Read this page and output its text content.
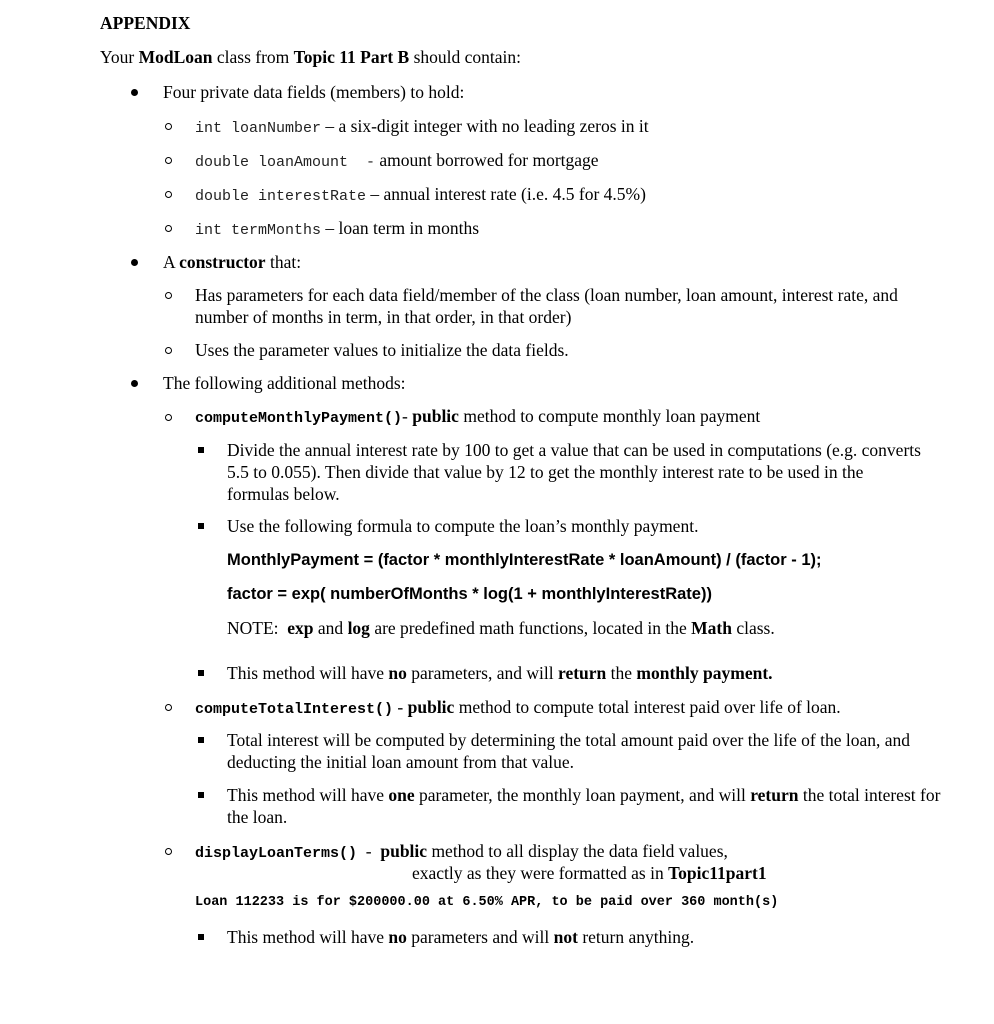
APPENDIX
Your ModLoan class from Topic 11 Part B should contain:
Four private data fields (members) to hold:
int loanNumber – a six-digit integer with no leading zeros in it
double loanAmount  - amount borrowed for mortgage
double interestRate – annual interest rate (i.e. 4.5 for 4.5%)
int termMonths – loan term in months
A constructor that:
Has parameters for each data field/member of the class (loan number, loan amount, interest rate, and number of months in term, in that order, in that order)
Uses the parameter values to initialize the data fields.
The following additional methods:
computeMonthlyPayment()- public method to compute monthly loan payment
Divide the annual interest rate by 100 to get a value that can be used in computations (e.g. converts 5.5 to 0.055). Then divide that value by 12 to get the monthly interest rate to be used in the formulas below.
Use the following formula to compute the loan’s monthly payment.
MonthlyPayment = (factor * monthlyInterestRate * loanAmount) / (factor - 1);
factor = exp( numberOfMonths * log(1 + monthlyInterestRate))
NOTE:  exp and log are predefined math functions, located in the Math class.
This method will have no parameters, and will return the monthly payment.
computeTotalInterest() - public method to compute total interest paid over life of loan.
Total interest will be computed by determining the total amount paid over the life of the loan, and deducting the initial loan amount from that value.
This method will have one parameter, the monthly loan payment, and will return the total interest for the loan.
displayLoanTerms()  -  public method to all display the data field values,
exactly as they were formatted as in Topic11part1
Loan 112233 is for $200000.00 at 6.50% APR, to be paid over 360 month(s)
This method will have no parameters and will not return anything.
